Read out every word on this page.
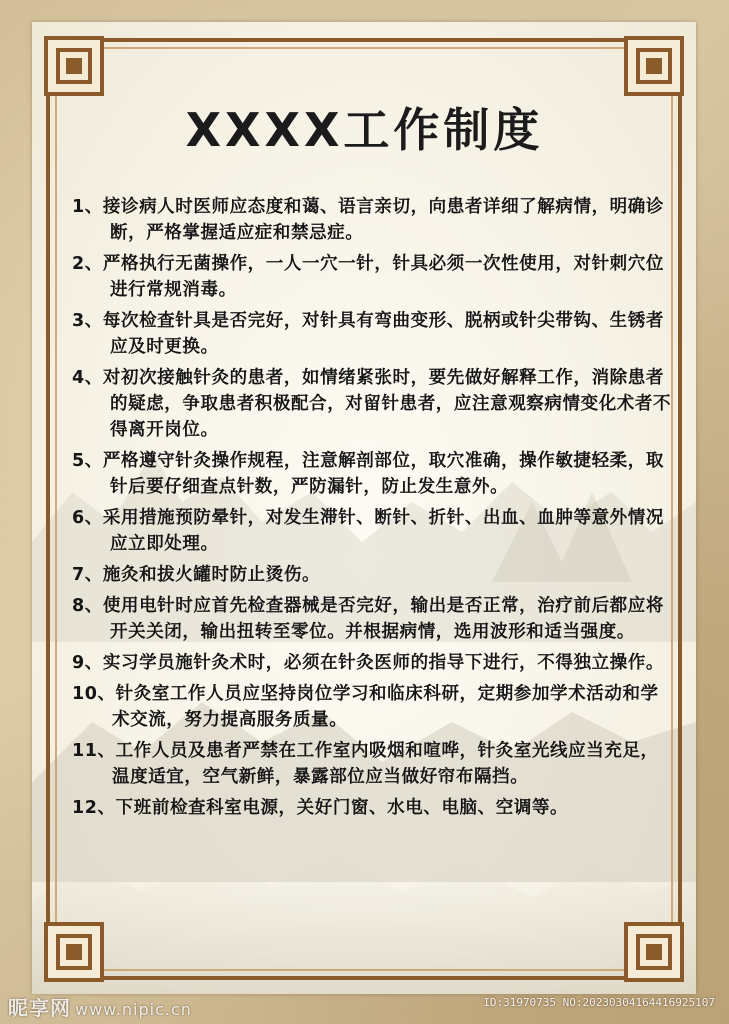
XXXX工作制度
1、接诊病人时医师应态度和蔼、语言亲切，向患者详细了解病情，明确诊断，严格掌握适应症和禁忌症。
2、严格执行无菌操作，一人一穴一针，针具必须一次性使用，对针刺穴位进行常规消毒。
3、每次检查针具是否完好，对针具有弯曲变形、脱柄或针尖带钩、生锈者应及时更换。
4、对初次接触针灸的患者，如情绪紧张时，要先做好解释工作，消除患者的疑虑，争取患者积极配合，对留针患者，应注意观察病情变化术者不得离开岗位。
5、严格遵守针灸操作规程，注意解剖部位，取穴准确，操作敏捷轻柔，取针后要仔细查点针数，严防漏针，防止发生意外。
6、采用措施预防晕针，对发生滞针、断针、折针、出血、血肿等意外情况应立即处理。
7、施灸和拔火罐时防止烫伤。
8、使用电针时应首先检查器械是否完好，输出是否正常，治疗前后都应将开关关闭，输出扭转至零位。并根据病情，选用波形和适当强度。
9、实习学员施针灸术时，必须在针灸医师的指导下进行，不得独立操作。
10、针灸室工作人员应坚持岗位学习和临床科研，定期参加学术活动和学术交流，努力提高服务质量。
11、工作人员及患者严禁在工作室内吸烟和喧哗，针灸室光线应当充足，温度适宜，空气新鲜，暴露部位应当做好帘布隔挡。
12、下班前检查科室电源，关好门窗、水电、电脑、空调等。
昵享网 www.nipic.cn	ID:31970735 NO:20230304164416925107
